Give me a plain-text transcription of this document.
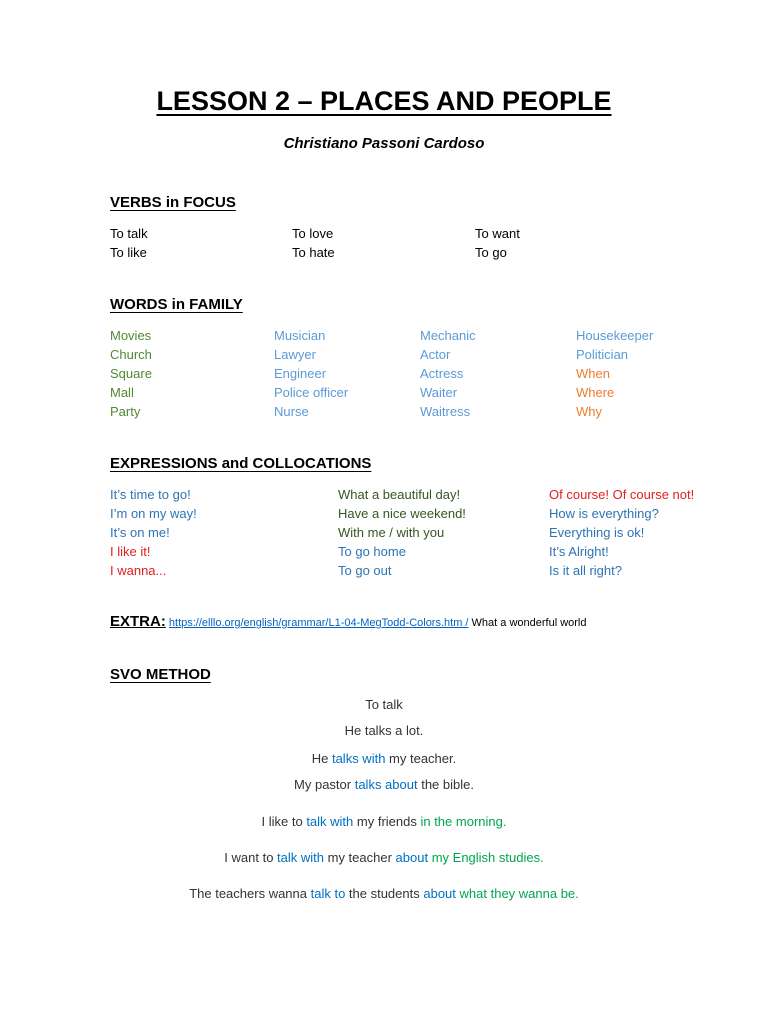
LESSON 2 – PLACES AND PEOPLE
Christiano Passoni Cardoso
VERBS in FOCUS
To talk
To like
To love
To hate
To want
To go
WORDS in FAMILY
Movies
Church
Square
Mall
Party
Musician
Lawyer
Engineer
Police officer
Nurse
Mechanic
Actor
Actress
Waiter
Waitress
Housekeeper
Politician
When
Where
Why
EXPRESSIONS and COLLOCATIONS
It’s time to go!
I’m on my way!
It’s on me!
I like it!
I wanna...
What a beautiful day!
Have a nice weekend!
With me / with you
To go home
To go out
Of course! Of course not!
How is everything?
Everything is ok!
It’s Alright!
Is it all right?
EXTRA: https://elllo.org/english/grammar/L1-04-MegTodd-Colors.htm / What a wonderful world
SVO METHOD
To talk
He talks a lot.
He talks with my teacher.
My pastor talks about the bible.
I like to talk with my friends in the morning.
I want to talk with my teacher about my English studies.
The teachers wanna talk to the students about what they wanna be.
